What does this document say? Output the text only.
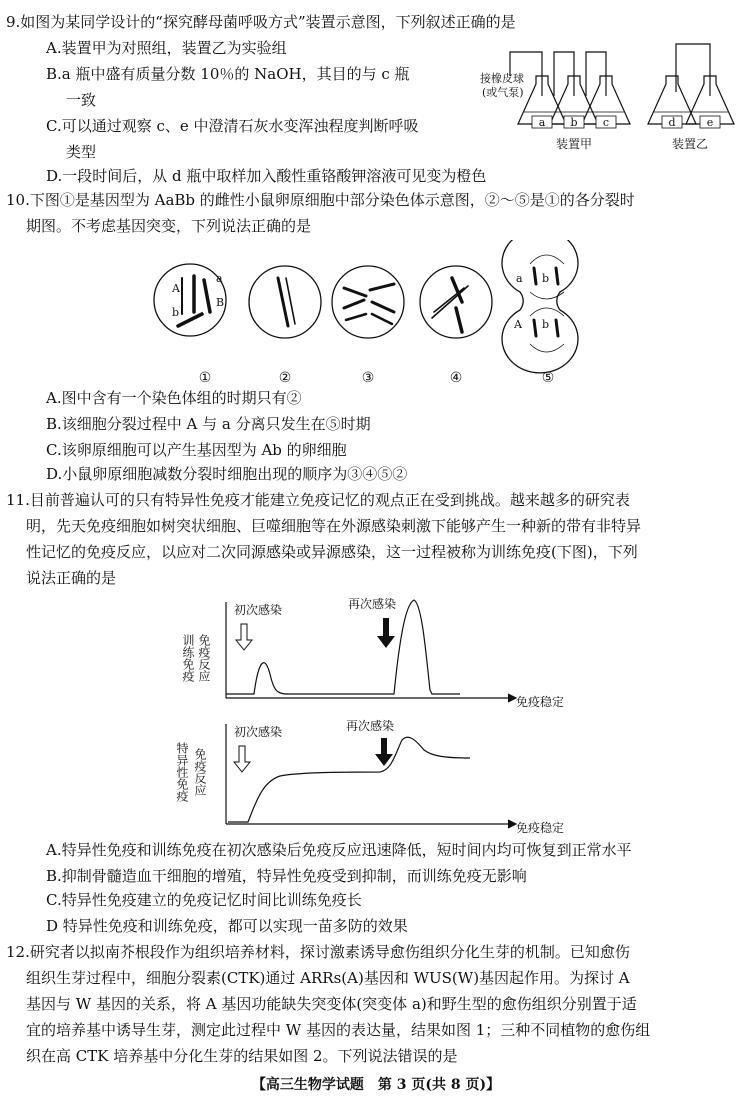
9.如图为某同学设计的“探究酵母菌呼吸方式”装置示意图，下列叙述正确的是
A.装置甲为对照组，装置乙为实验组
B.a 瓶中盛有质量分数 10％的 NaOH，其目的与 c 瓶
一致
C.可以通过观察 c、e 中澄清石灰水变浑浊程度判断呼吸
类型
D.一段时间后，从 d 瓶中取样加入酸性重铬酸钾溶液可见变为橙色
a b c	d	e
装置甲	装置乙
接橡皮球
(或气泵)
10.下图①是基因型为 AaBb 的雌性小鼠卵原细胞中部分染色体示意图，②～⑤是①的各分裂时
期图。不考虑基因突变，下列说法正确的是
A
a
b
B
a b
A b
①	②	③	④	⑤
A.图中含有一个染色体组的时期只有②
B.该细胞分裂过程中 A 与 a 分离只发生在⑤时期
C.该卵原细胞可以产生基因型为 Ab 的卵细胞
D.小鼠卵原细胞减数分裂时细胞出现的顺序为③④⑤②
11.目前普遍认可的只有特异性免疫才能建立免疫记忆的观点正在受到挑战。越来越多的研究表
明，先天免疫细胞如树突状细胞、巨噬细胞等在外源感染刺激下能够产生一种新的带有非特异
性记忆的免疫反应，以应对二次同源感染或异源感染，这一过程被称为训练免疫(下图)，下列
说法正确的是
训练免疫 免疫反应
初次感染	再次感染
免疫稳定
特异性免疫 免疫反应
初次感染	再次感染
免疫稳定
A.特异性免疫和训练免疫在初次感染后免疫反应迅速降低，短时间内均可恢复到正常水平
B.抑制骨髓造血干细胞的增殖，特异性免疫受到抑制，而训练免疫无影响
C.特异性免疫建立的免疫记忆时间比训练免疫长
D 特异性免疫和训练免疫，都可以实现一苗多防的效果
12.研究者以拟南芥根段作为组织培养材料，探讨激素诱导愈伤组织分化生芽的机制。已知愈伤
组织生芽过程中，细胞分裂素(CTK)通过 ARRs(A)基因和 WUS(W)基因起作用。为探讨 A
基因与 W 基因的关系，将 A 基因功能缺失突变体(突变体 a)和野生型的愈伤组织分别置于适
宜的培养基中诱导生芽，测定此过程中 W 基因的表达量，结果如图 1；三种不同植物的愈伤组
织在高 CTK 培养基中分化生芽的结果如图 2。下列说法错误的是
【高三生物学试题　第 3 页(共 8 页)】
